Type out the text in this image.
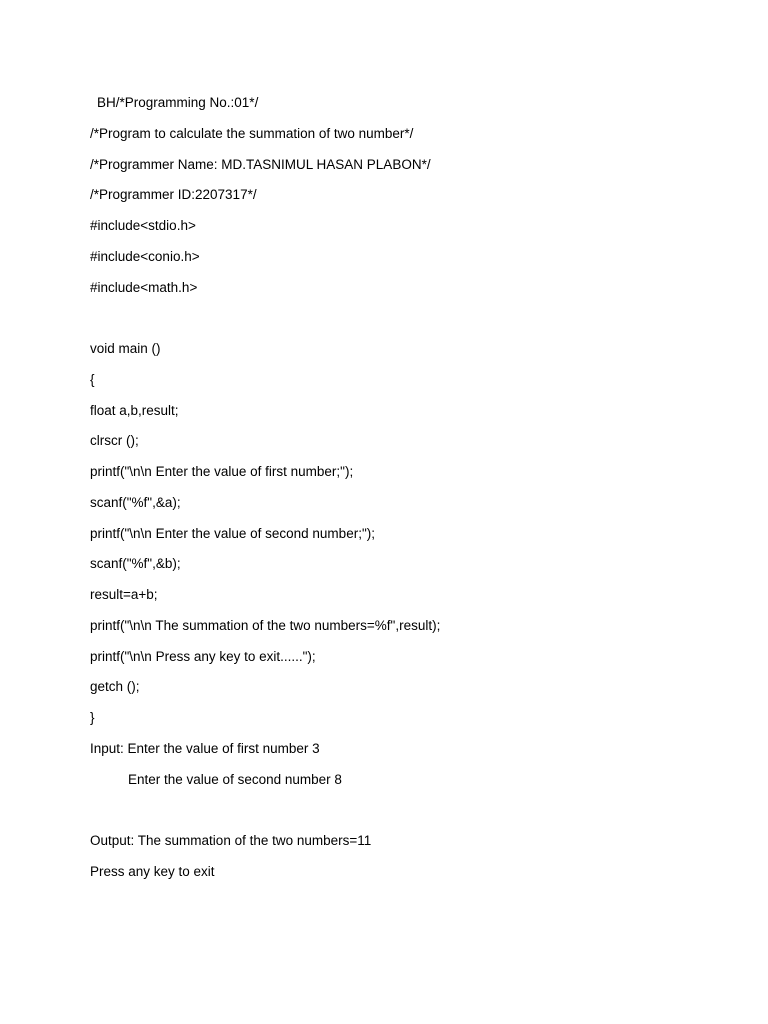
BH/*Programming No.:01*/
/*Program to calculate the summation of two number*/
/*Programmer Name: MD.TASNIMUL HASAN PLABON*/
/*Programmer ID:2207317*/
#include<stdio.h>
#include<conio.h>
#include<math.h>
void main ()
{
float a,b,result;
clrscr ();
printf("\n\n Enter the value of first number;");
scanf("%f",&a);
printf("\n\n Enter the value of second number;");
scanf("%f",&b);
result=a+b;
printf("\n\n The summation of the two numbers=%f",result);
printf("\n\n Press any key to exit......");
getch ();
}
Input: Enter the value of first number 3
Enter the value of second number 8
Output: The summation of the two numbers=11
Press any key to exit
